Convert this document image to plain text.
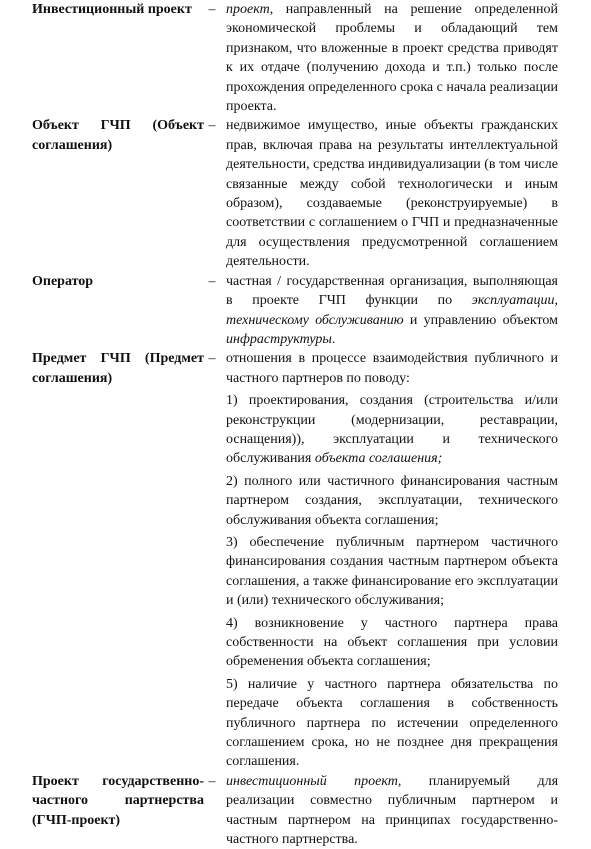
Инвестиционный проект	– проект, направленный на решение определенной экономической проблемы и обладающий тем признаком, что вложенные в проект средства приводят к их отдаче (получению дохода и т.п.) только после прохождения определенного срока с начала реализации проекта.

Объект ГЧП (Объект
соглашения)
– недвижимое имущество, иные объекты гражданских прав, включая права на результаты интеллектуальной деятельности, средства индивидуализации (в том числе связанные между собой технологически и иным образом), создаваемые (реконструируемые) в соответствии с соглашением о ГЧП и предназначенные для осуществления предусмотренной соглашением деятельности.

Оператор	– частная / государственная организация, выполняющая в проекте ГЧП функции по эксплуатации, техническому обслуживанию и управлению объектом инфраструктуры.

Предмет ГЧП (Предмет
соглашения)
– отношения в процессе взаимодействия публичного и частного партнеров по поводу:

1) проектирования, создания (строительства и/или реконструкции (модернизации, реставрации, оснащения)), эксплуатации и технического обслуживания объекта соглашения;

2) полного или частичного финансирования частным партнером создания, эксплуатации, технического обслуживания объекта соглашения;

3) обеспечение публичным партнером частичного финансирования создания частным партнером объекта соглашения, а также финансирование его эксплуатации и (или) технического обслуживания;

4) возникновение у частного партнера права собственности на объект соглашения при условии обременения объекта соглашения;

5) наличие у частного партнера обязательства по передаче объекта соглашения в собственность публичного партнера по истечении определенного соглашением срока, но не позднее дня прекращения соглашения.

Проект государственно-
частного партнерства
(ГЧП-проект)
– инвестиционный проект, планируемый для реализации совместно публичным партнером и частным партнером на принципах государственно-частного партнерства.
